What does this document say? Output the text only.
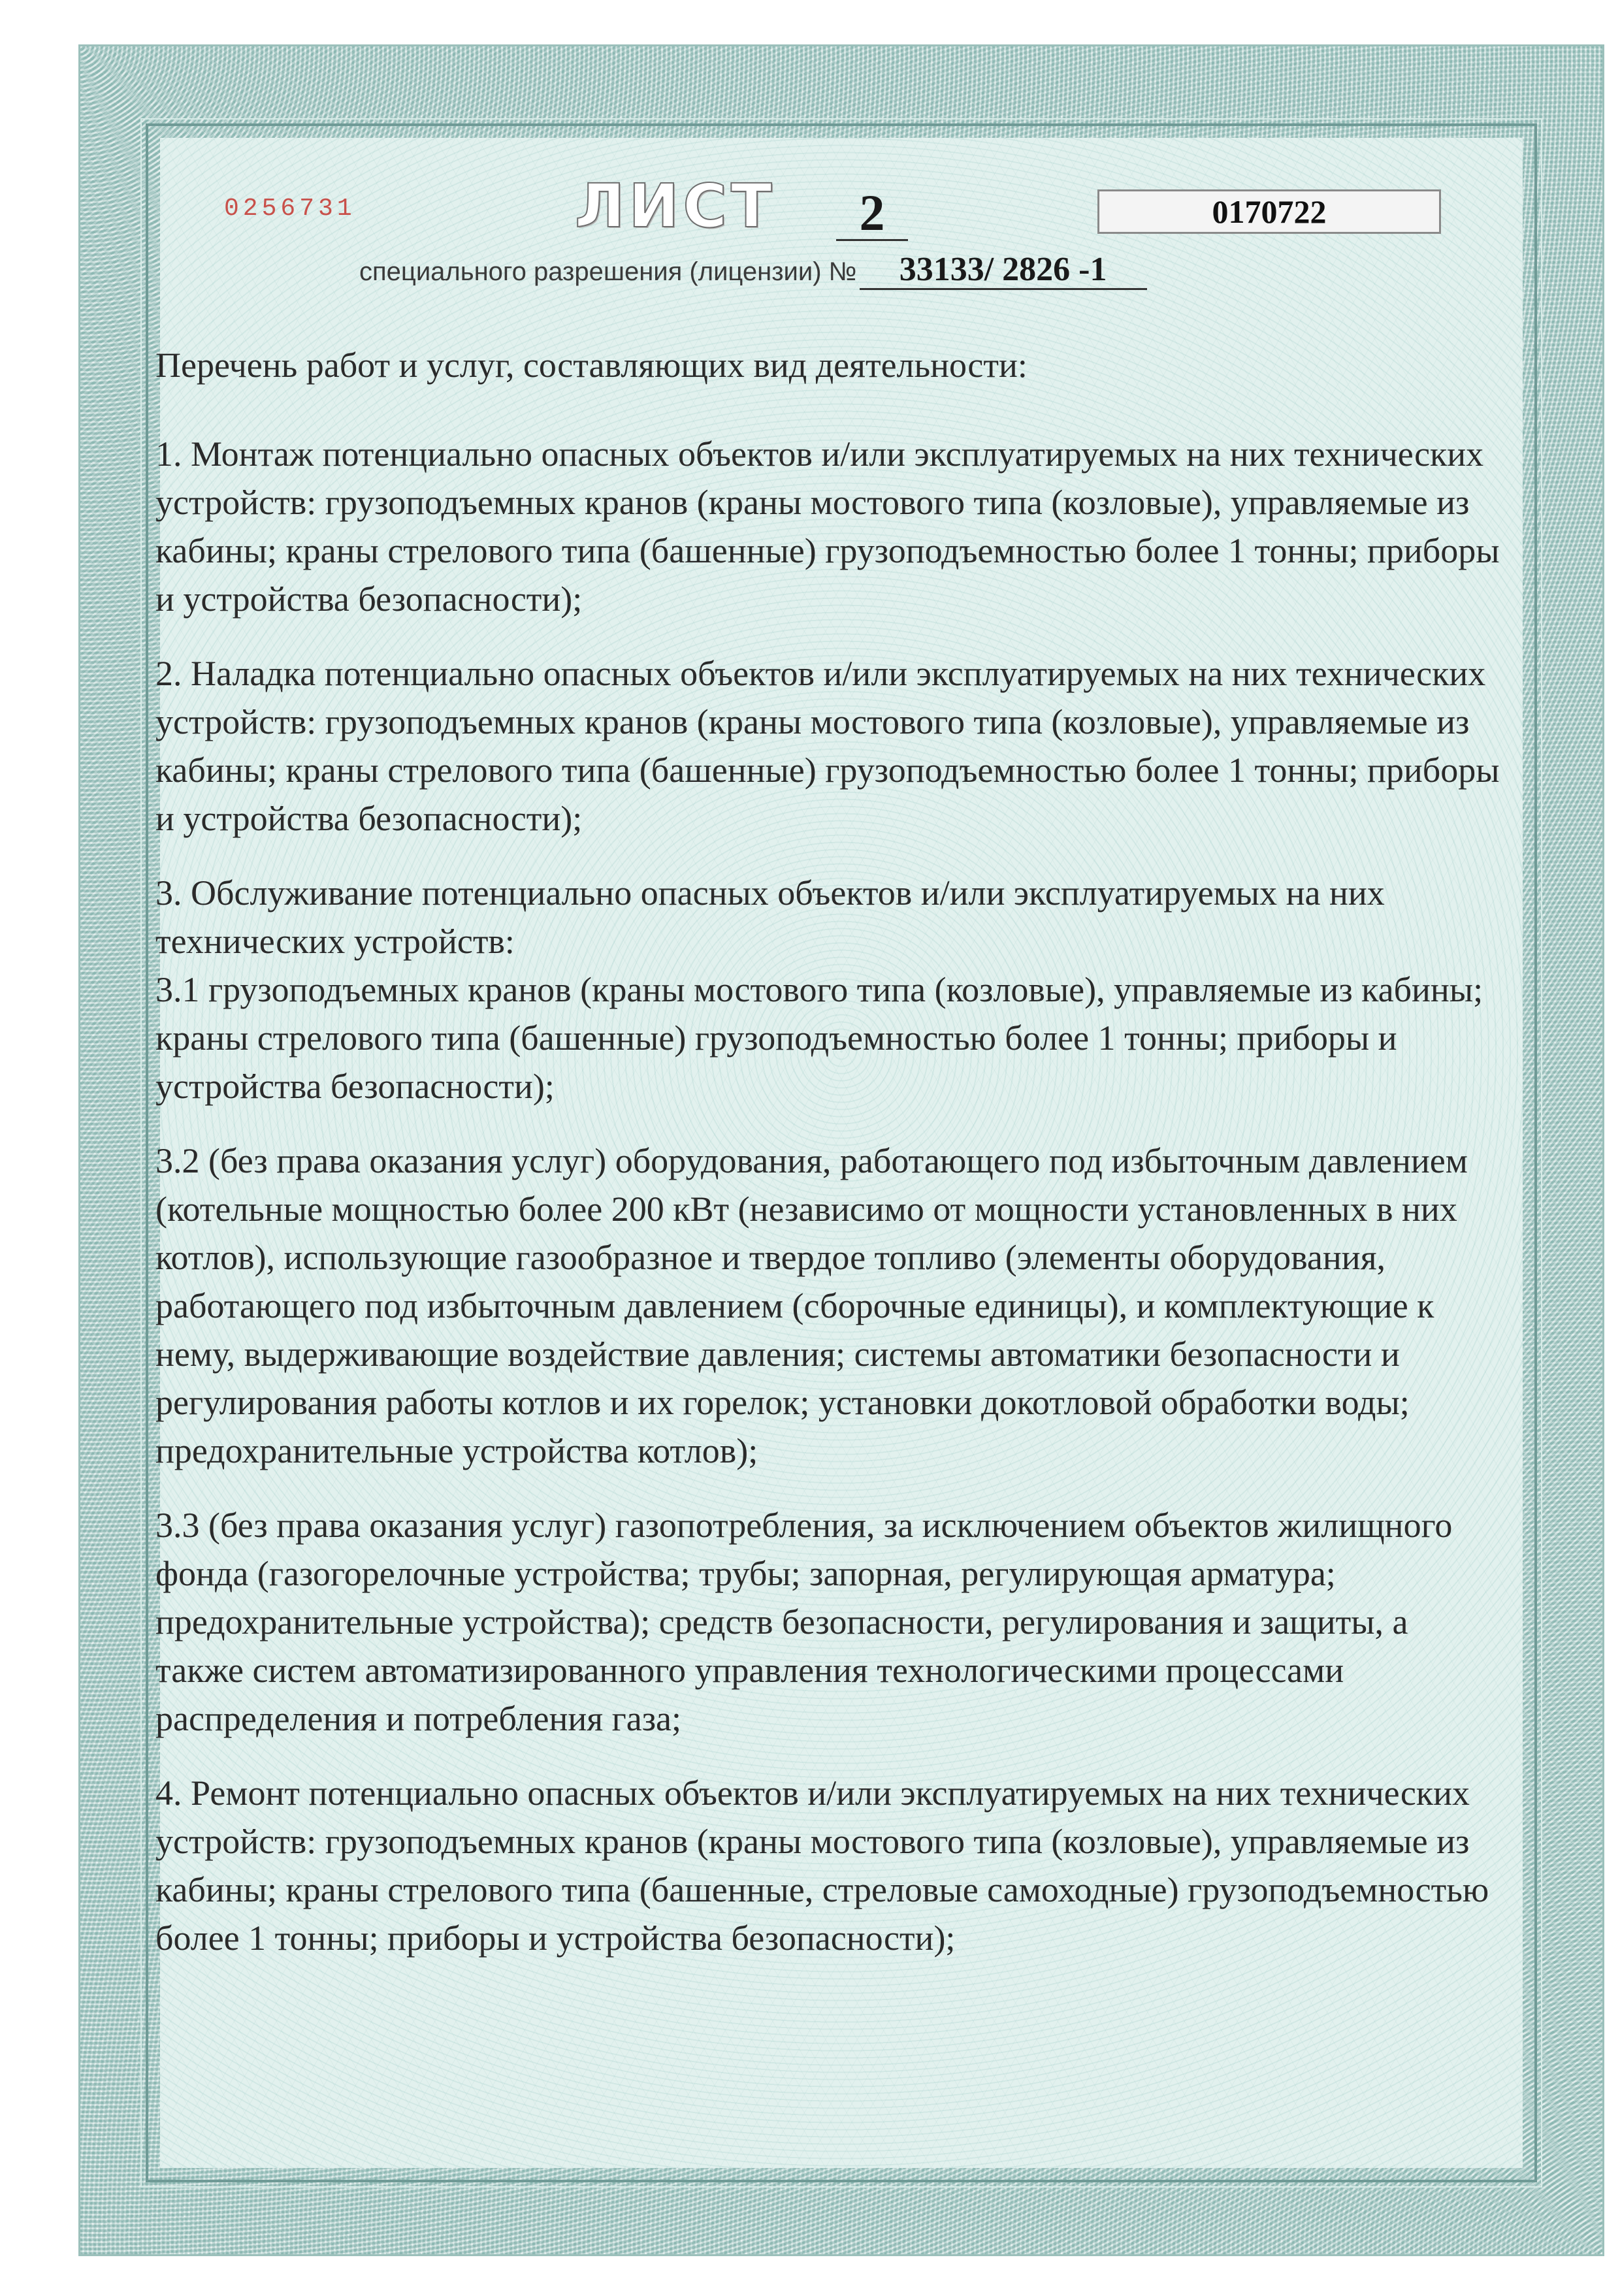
0256731	ЛИСТ	2	0170722
специального разрешения (лицензии) № 33133/ 2826 -1

Перечень работ и услуг, составляющих вид деятельности:

1. Монтаж потенциально опасных объектов и/или эксплуатируемых на них технических устройств: грузоподъемных кранов (краны мостового типа (козловые), управляемые из кабины; краны стрелового типа (башенные) грузоподъемностью более 1 тонны; приборы и устройства безопасности);

2. Наладка потенциально опасных объектов и/или эксплуатируемых на них технических устройств: грузоподъемных кранов (краны мостового типа (козловые), управляемые из кабины; краны стрелового типа (башенные) грузоподъемностью более 1 тонны; приборы и устройства безопасности);

3. Обслуживание потенциально опасных объектов и/или эксплуатируемых на них технических устройств:

3.1 грузоподъемных кранов (краны мостового типа (козловые), управляемые из кабины; краны стрелового типа (башенные) грузоподъемностью более 1 тонны; приборы и устройства безопасности);

3.2 (без права оказания услуг) оборудования, работающего под избыточным давлением (котельные мощностью более 200 кВт (независимо от мощности установленных в них котлов), использующие газообразное и твердое топливо (элементы оборудования, работающего под избыточным давлением (сборочные единицы), и комплектующие к нему, выдерживающие воздействие давления; системы автоматики безопасности и регулирования работы котлов и их горелок; установки докотловой обработки воды; предохранительные устройства котлов);

3.3 (без права оказания услуг) газопотребления, за исключением объектов жилищного фонда (газогорелочные устройства; трубы; запорная, регулирующая арматура; предохранительные устройства); средств безопасности, регулирования и защиты, а также систем автоматизированного управления технологическими процессами распределения и потребления газа;

4. Ремонт потенциально опасных объектов и/или эксплуатируемых на них технических устройств: грузоподъемных кранов (краны мостового типа (козловые), управляемые из кабины; краны стрелового типа (башенные, стреловые самоходные) грузоподъемностью более 1 тонны; приборы и устройства безопасности);
